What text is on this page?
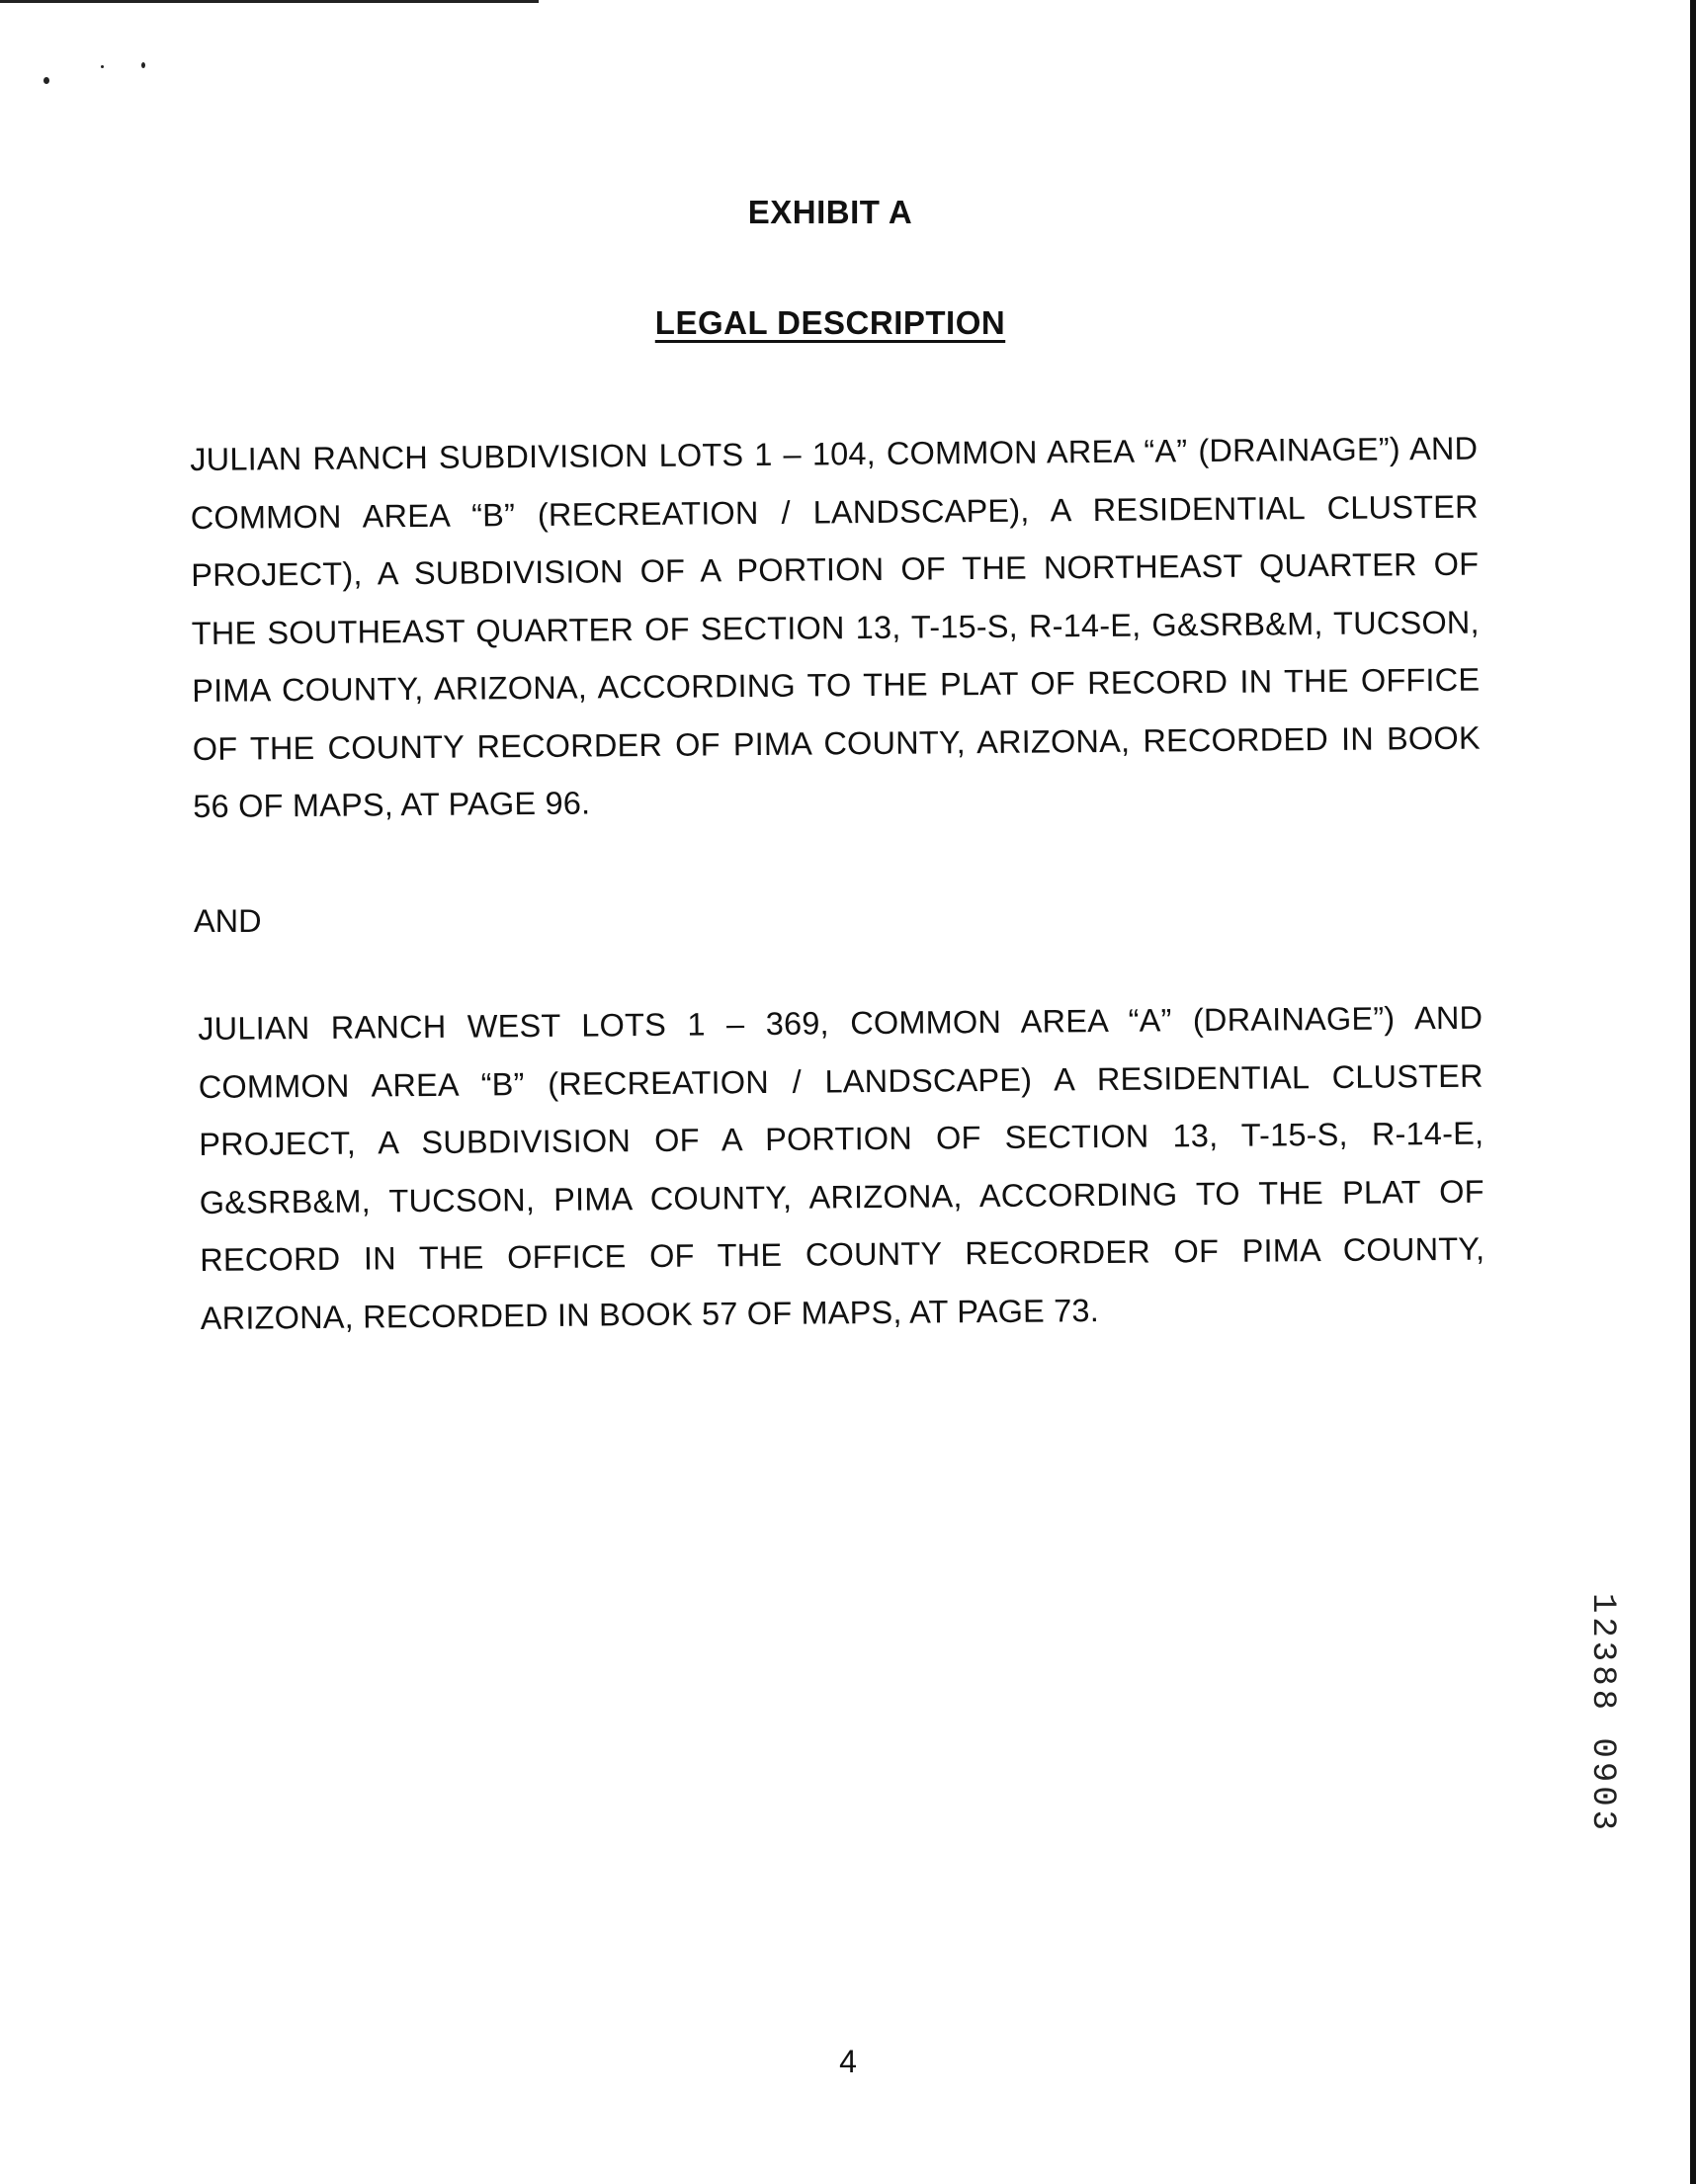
EXHIBIT A
LEGAL DESCRIPTION
JULIAN RANCH SUBDIVISION LOTS 1 – 104, COMMON AREA “A” (DRAINAGE”) AND
COMMON AREA “B” (RECREATION / LANDSCAPE), A RESIDENTIAL CLUSTER
PROJECT), A SUBDIVISION OF A PORTION OF THE NORTHEAST QUARTER OF
THE SOUTHEAST QUARTER OF SECTION 13, T-15-S, R-14-E, G&SRB&M, TUCSON,
PIMA COUNTY, ARIZONA, ACCORDING TO THE PLAT OF RECORD IN THE OFFICE
OF THE COUNTY RECORDER OF PIMA COUNTY, ARIZONA, RECORDED IN BOOK
56 OF MAPS, AT PAGE 96.
AND
JULIAN RANCH WEST LOTS 1 – 369, COMMON AREA “A” (DRAINAGE”) AND
COMMON AREA “B” (RECREATION / LANDSCAPE) A RESIDENTIAL CLUSTER
PROJECT, A SUBDIVISION OF A PORTION OF SECTION 13, T-15-S, R-14-E,
G&SRB&M, TUCSON, PIMA COUNTY, ARIZONA, ACCORDING TO THE PLAT OF
RECORD IN THE OFFICE OF THE COUNTY RECORDER OF PIMA COUNTY,
ARIZONA, RECORDED IN BOOK 57 OF MAPS, AT PAGE 73.
12388 0903
4
